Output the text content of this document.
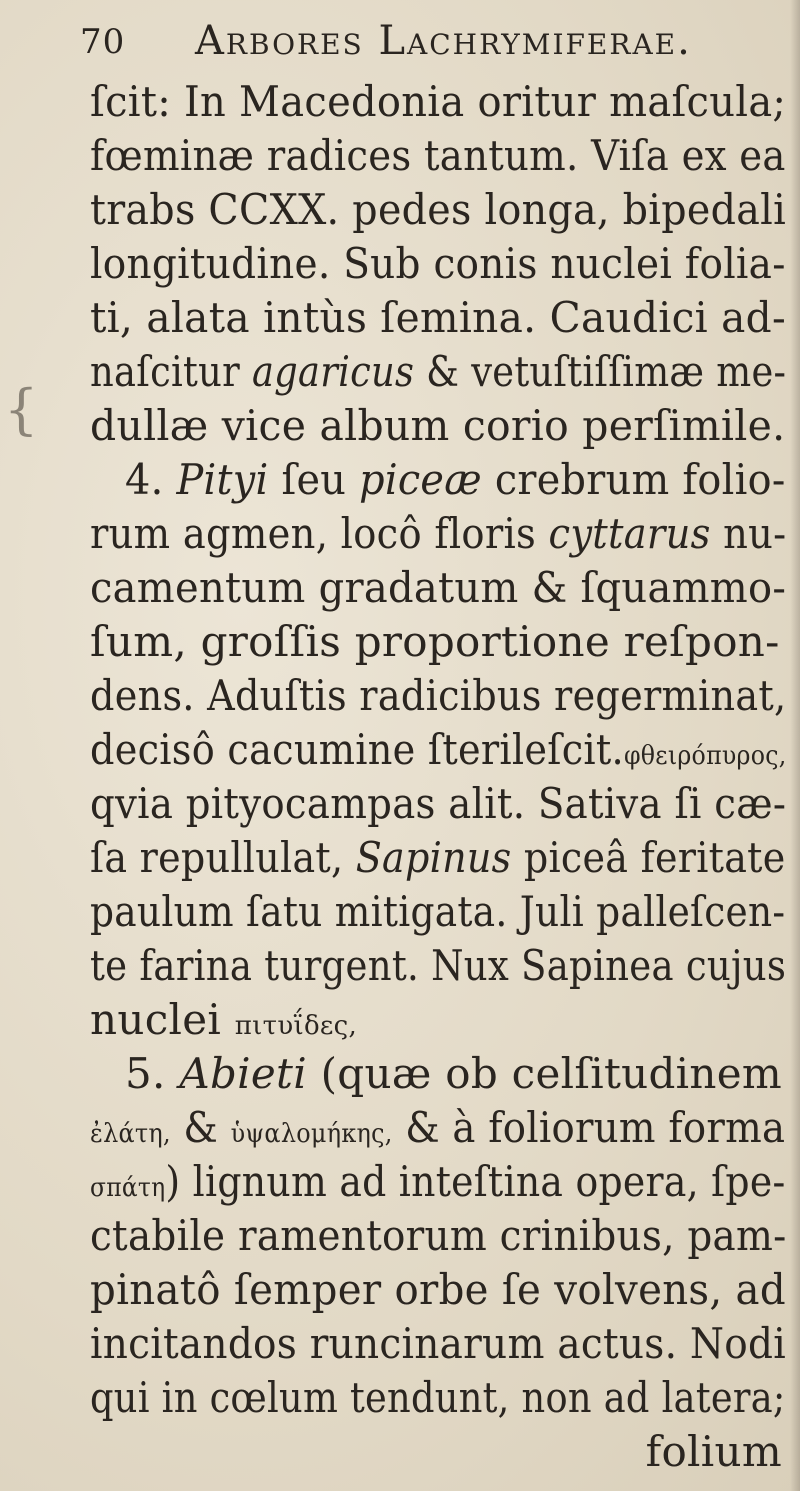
70 Arbores Lachrymiferae.
{
ſcit: In Macedonia oritur maſcula;
fœminæ radices tantum. Viſa ex ea
trabs CCXX. pedes longa, bipedali
longitudine. Sub conis nuclei folia-
ti, alata intùs ſemina. Caudici ad-
naſcitur agaricus & vetuſtiſſimæ me-
dullæ vice album corio perſimile.
4. Pityi ſeu piceæ crebrum folio-
rum agmen, locô floris cyttarus nu-
camentum gradatum & ſquammo-
ſum, groſſis proportione reſpon-
dens. Aduſtis radicibus regerminat,
decisô cacumine ſterileſcit.φθειρόπυρος,
qvia pityocampas alit. Sativa ſi cæ-
ſa repullulat, Sapinus piceâ feritate
paulum ſatu mitigata. Juli palleſcen-
te farina turgent. Nux Sapinea cujus
nuclei πιτυΐδες,
5. Abieti (quæ ob celſitudinem
ἐλάτη, & ὑψαλομήκης, & à foliorum forma
σπάτη) lignum ad inteſtina opera, ſpe-
ctabile ramentorum crinibus, pam-
pinatô ſemper orbe ſe volvens, ad
incitandos runcinarum actus. Nodi
qui in cœlum tendunt, non ad latera;
folium
